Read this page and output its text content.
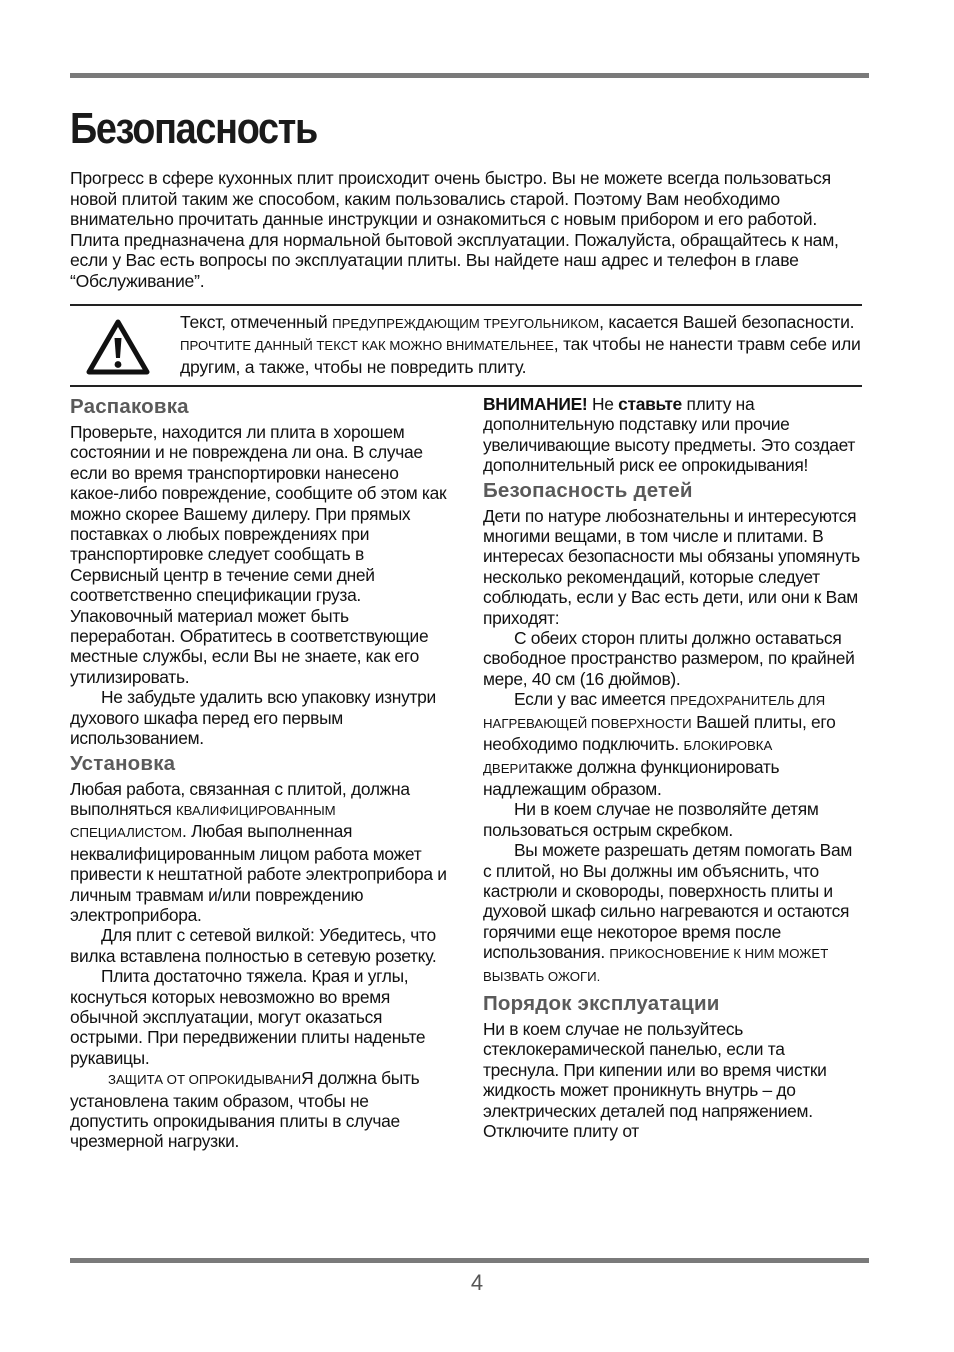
Безопасность

Прогресс в сфере кухонных плит происходит очень быстро. Вы не можете всегда пользоваться новой плитой таким же способом, каким пользовались старой. Поэтому Вам необходимо внимательно прочитать данные инструкции и ознакомиться с новым прибором и его работой. Плита предназначена для нормальной бытовой эксплуатации. Пожалуйста, обращайтесь к нам, если у Вас есть вопросы по эксплуатации плиты. Вы найдете наш адрес и телефон в главе “Обслуживание”.

Текст, отмеченный ПРЕДУПРЕЖДАЮЩИМ ТРЕУГОЛЬНИКОМ, касается Вашей безопасности. ПРОЧТИТЕ ДАННЫЙ ТЕКСТ КАК МОЖНО ВНИМАТЕЛЬНЕЕ, так чтобы не нанести травм себе или другим, а также, чтобы не повредить плиту.

Распаковка

Проверьте, находится ли плита в хорошем состоянии и не повреждена ли она. В случае если во время транспортировки нанесено какое-либо повреждение, сообщите об этом как можно скорее Вашему дилеру. При прямых поставках о любых повреждениях при транспортировке следует сообщать в Сервисный центр в течение семи дней соответственно спецификации груза. Упаковочный материал может быть переработан. Обратитесь в соответствующие местные службы, если Вы не знаете, как его утилизировать.

Не забудьте удалить всю упаковку изнутри духового шкафа перед его первым использованием.

Установка

Любая работа, связанная с плитой, должна выполняться КВАЛИФИЦИРОВАННЫМ СПЕЦИАЛИСТОМ. Любая выполненная неквалифицированным лицом работа может привести к нештатной работе электроприбора и личным травмам и/или повреждению электроприбора.

Для плит с сетевой вилкой: Убедитесь, что вилка вставлена полностью в сетевую розетку.

Плита достаточно тяжела. Края и углы, коснуться которых невозможно во время обычной эксплуатации, могут оказаться острыми. При передвижении плиты наденьте рукавицы.

ЗАЩИТА ОТ ОПРОКИДЫВАНИЯ должна быть установлена таким образом, чтобы не допустить опрокидывания плиты в случае чрезмерной нагрузки.

ВНИМАНИЕ! Не ставьте плиту на дополнительную подставку или прочие увеличивающие высоту предметы. Это создает дополнительный риск ее опрокидывания!

Безопасность детей

Дети по натуре любознательны и интересуются многими вещами, в том числе и плитами. В интересах безопасности мы обязаны упомянуть несколько рекомендаций, которые следует соблюдать, если у Вас есть дети, или они к Вам приходят:

С обеих сторон плиты должно оставаться свободное пространство размером, по крайней мере, 40 см (16 дюймов).

Если у вас имеется ПРЕДОХРАНИТЕЛЬ ДЛЯ НАГРЕВАЮЩЕЙ ПОВЕРХНОСТИ Вашей плиты, его необходимо подключить. БЛОКИРОВКА ДВЕРИтакже должна функционировать надлежащим образом.

Ни в коем случае не позволяйте детям пользоваться острым скребком.

Вы можете разрешать детям помогать Вам с плитой, но Вы должны им объяснить, что кастрюли и сковороды, поверхность плиты и духовой шкаф сильно нагреваются и остаются горячими еще некоторое время после использования. ПРИКОСНОВЕНИЕ К НИМ МОЖЕТ ВЫЗВАТЬ ОЖОГИ.

Порядок эксплуатации

Ни в коем случае не пользуйтесь стеклокерамической панелью, если та треснула. При кипении или во время чистки жидкость может проникнуть внутрь – до электрических деталей под напряжением. Отключите плиту от

4
